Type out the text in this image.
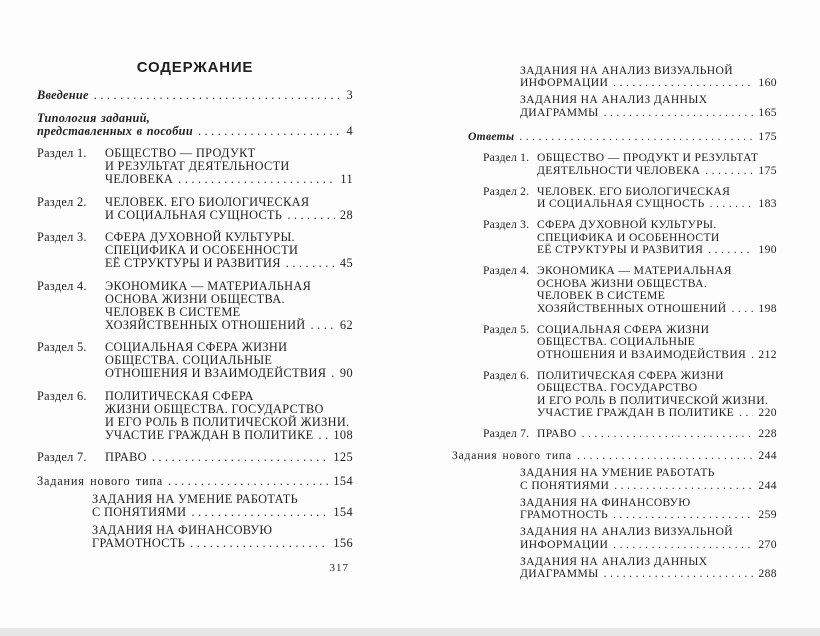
СОДЕРЖАНИЕ
Введение .....	3
Типология заданий,
представленных в пособии .....	4
Раздел 1.	ОБЩЕСТВО — ПРОДУКТ
И РЕЗУЛЬТАТ ДЕЯТЕЛЬНОСТИ
ЧЕЛОВЕКА .....	11
Раздел 2.	ЧЕЛОВЕК. ЕГО БИОЛОГИЧЕСКАЯ
И СОЦИАЛЬНАЯ СУЩНОСТЬ .....	28
Раздел 3.	СФЕРА ДУХОВНОЙ КУЛЬТУРЫ.
СПЕЦИФИКА И ОСОБЕННОСТИ
ЕЁ СТРУКТУРЫ И РАЗВИТИЯ .....	45
Раздел 4.	ЭКОНОМИКА — МАТЕРИАЛЬНАЯ
ОСНОВА ЖИЗНИ ОБЩЕСТВА.
ЧЕЛОВЕК В СИСТЕМЕ
ХОЗЯЙСТВЕННЫХ ОТНОШЕНИЙ .....	62
Раздел 5.	СОЦИАЛЬНАЯ СФЕРА ЖИЗНИ
ОБЩЕСТВА. СОЦИАЛЬНЫЕ
ОТНОШЕНИЯ И ВЗАИМОДЕЙСТВИЯ ..... 90
Раздел 6.	ПОЛИТИЧЕСКАЯ СФЕРА
ЖИЗНИ ОБЩЕСТВА. ГОСУДАРСТВО
И ЕГО РОЛЬ В ПОЛИТИЧЕСКОЙ ЖИЗНИ.
УЧАСТИЕ ГРАЖДАН В ПОЛИТИКЕ ..... 108
Раздел 7.	ПРАВО .....	125
Задания нового типа .....	154
ЗАДАНИЯ НА УМЕНИЕ РАБОТАТЬ
С ПОНЯТИЯМИ .....	154
ЗАДАНИЯ НА ФИНАНСОВУЮ
ГРАМОТНОСТЬ .....	156
317
ЗАДАНИЯ НА АНАЛИЗ ВИЗУАЛЬНОЙ
ИНФОРМАЦИИ .....	160
ЗАДАНИЯ НА АНАЛИЗ ДАННЫХ
ДИАГРАММЫ .....	165
Ответы .....	175
Раздел 1. ОБЩЕСТВО — ПРОДУКТ И РЕЗУЛЬТАТ
ДЕЯТЕЛЬНОСТИ ЧЕЛОВЕКА .....	175
Раздел 2. ЧЕЛОВЕК. ЕГО БИОЛОГИЧЕСКАЯ
И СОЦИАЛЬНАЯ СУЩНОСТЬ .....	183
Раздел 3. СФЕРА ДУХОВНОЙ КУЛЬТУРЫ.
СПЕЦИФИКА И ОСОБЕННОСТИ
ЕЁ СТРУКТУРЫ И РАЗВИТИЯ .....	190
Раздел 4. ЭКОНОМИКА — МАТЕРИАЛЬНАЯ
ОСНОВА ЖИЗНИ ОБЩЕСТВА.
ЧЕЛОВЕК В СИСТЕМЕ
ХОЗЯЙСТВЕННЫХ ОТНОШЕНИЙ .....	198
Раздел 5. СОЦИАЛЬНАЯ СФЕРА ЖИЗНИ
ОБЩЕСТВА. СОЦИАЛЬНЫЕ
ОТНОШЕНИЯ И ВЗАИМОДЕЙСТВИЯ ..... 212
Раздел 6. ПОЛИТИЧЕСКАЯ СФЕРА ЖИЗНИ
ОБЩЕСТВА. ГОСУДАРСТВО
И ЕГО РОЛЬ В ПОЛИТИЧЕСКОЙ ЖИЗНИ.
УЧАСТИЕ ГРАЖДАН В ПОЛИТИКЕ ..... 220
Раздел 7. ПРАВО .....	228
Задания нового типа .....	244
ЗАДАНИЯ НА УМЕНИЕ РАБОТАТЬ
С ПОНЯТИЯМИ .....	244
ЗАДАНИЯ НА ФИНАНСОВУЮ
ГРАМОТНОСТЬ .....	259
ЗАДАНИЯ НА АНАЛИЗ ВИЗУАЛЬНОЙ
ИНФОРМАЦИИ .....	270
ЗАДАНИЯ НА АНАЛИЗ ДАННЫХ
ДИАГРАММЫ .....	288
